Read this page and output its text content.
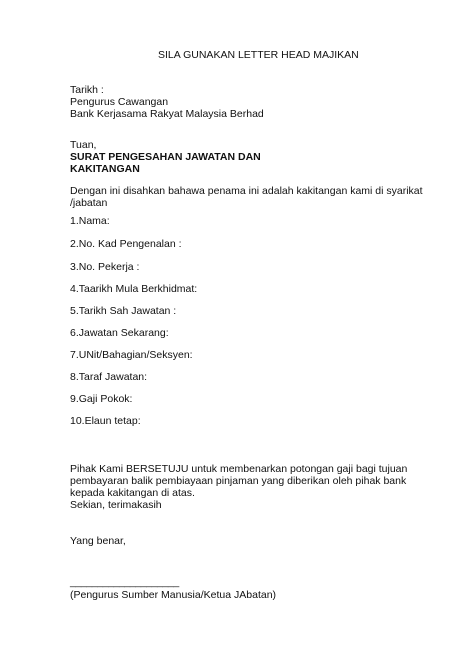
SILA GUNAKAN LETTER HEAD MAJIKAN
Tarikh :
Pengurus Cawangan
Bank Kerjasama Rakyat Malaysia Berhad
Tuan,
SURAT PENGESAHAN JAWATAN DAN
KAKITANGAN
Dengan ini disahkan bahawa penama ini adalah kakitangan kami di syarikat
/jabatan
1.Nama:
2.No. Kad Pengenalan :
3.No. Pekerja :
4.Taarikh Mula Berkhidmat:
5.Tarikh Sah Jawatan :
6.Jawatan Sekarang:
7.UNit/Bahagian/Seksyen:
8.Taraf Jawatan:
9.Gaji Pokok:
10.Elaun tetap:
Pihak Kami BERSETUJU untuk membenarkan potongan gaji bagi tujuan
pembayaran balik pembiayaan pinjaman yang diberikan oleh pihak bank
kepada kakitangan di atas.
Sekian, terimakasih
Yang benar,
____________________
(Pengurus Sumber Manusia/Ketua JAbatan)
